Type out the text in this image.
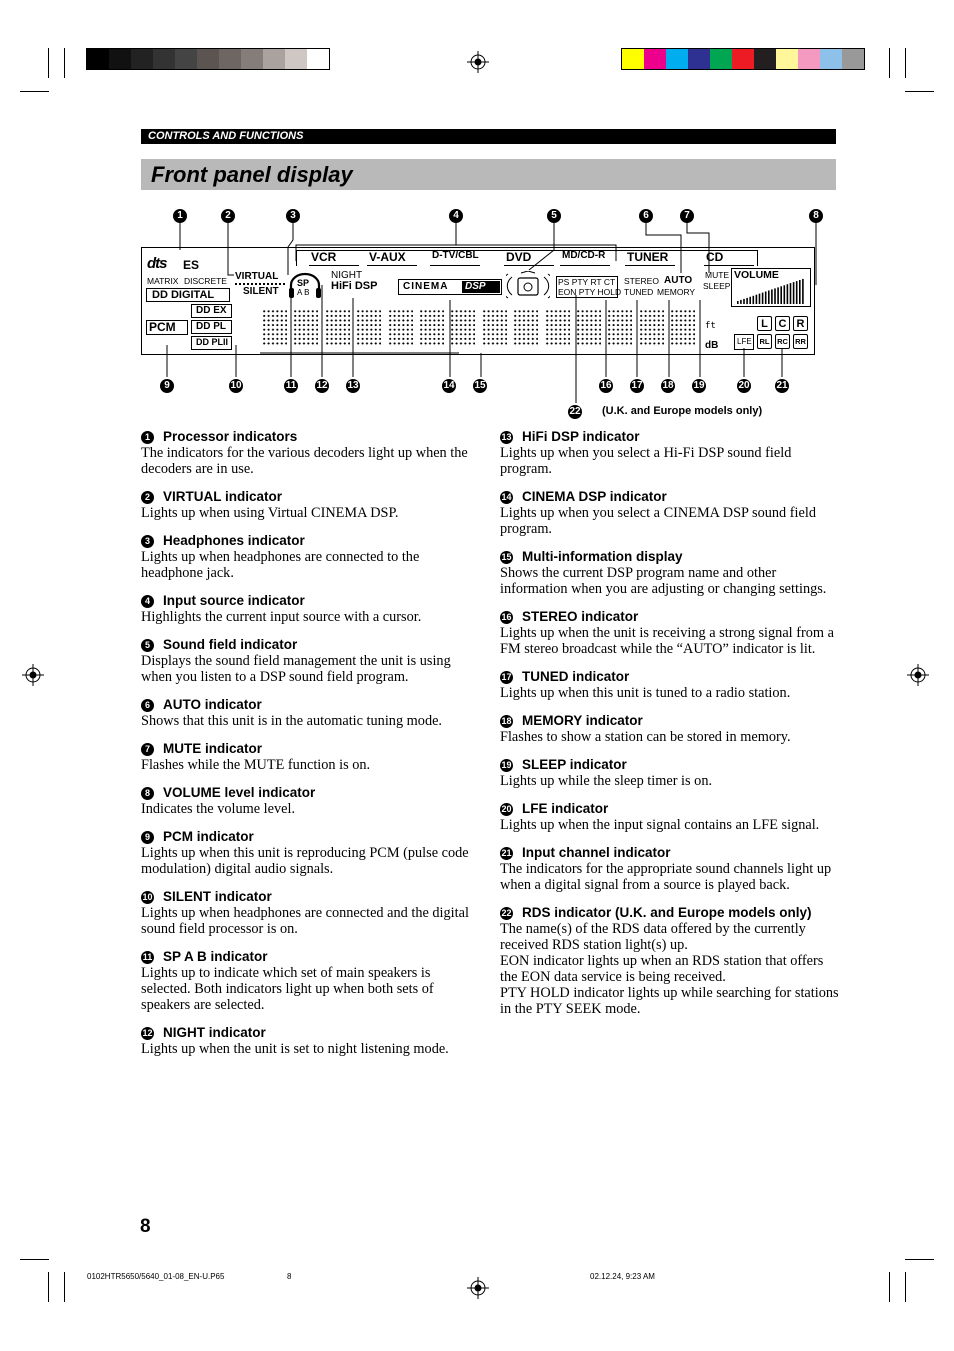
CONTROLS AND FUNCTIONS
Front panel display
1	2	3	4	5	6	7	8
9	10	11 12 13	14 15	16 17 18 19	20	21
22
dts ES
MATRIX DISCRETE
DD DIGITAL
PCM
DD EX
DD PL
DD PLII
VIRTUAL
SILENT
SP
A B
NIGHT
HiFi DSP	CINEMA DSP
VCR	V-AUX	D-TV/CBL DVD	MD/CD-R TUNER	CD
PS PTY RT CT
EON PTY HOLD
STEREO
TUNED
AUTO
MEMORY
MUTE
SLEEP
VOLUME
ft
dB LFE
L C R
RL	RC RR
(U.K. and Europe models only)
1 Processor indicators
The indicators for the various decoders light up when the decoders are in use.
2 VIRTUAL indicator
Lights up when using Virtual CINEMA DSP.
3 Headphones indicator
Lights up when headphones are connected to the headphone jack.
4 Input source indicator
Highlights the current input source with a cursor.
5 Sound field indicator
Displays the sound field management the unit is using when you listen to a DSP sound field program.
6 AUTO indicator
Shows that this unit is in the automatic tuning mode.
7 MUTE indicator
Flashes while the MUTE function is on.
8 VOLUME level indicator
Indicates the volume level.
9 PCM indicator
Lights up when this unit is reproducing PCM (pulse code modulation) digital audio signals.
10 SILENT indicator
Lights up when headphones are connected and the digital sound field processor is on.
11 SP A B indicator
Lights up to indicate which set of main speakers is selected. Both indicators light up when both sets of speakers are selected.
12 NIGHT indicator
Lights up when the unit is set to night listening mode.
13 HiFi DSP indicator
Lights up when you select a Hi-Fi DSP sound field program.
14 CINEMA DSP indicator
Lights up when you select a CINEMA DSP sound field program.
15 Multi-information display
Shows the current DSP program name and other information when you are adjusting or changing settings.
16 STEREO indicator
Lights up when the unit is receiving a strong signal from a FM stereo broadcast while the “AUTO” indicator is lit.
17 TUNED indicator
Lights up when this unit is tuned to a radio station.
18 MEMORY indicator
Flashes to show a station can be stored in memory.
19 SLEEP indicator
Lights up while the sleep timer is on.
20 LFE indicator
Lights up when the input signal contains an LFE signal.
21 Input channel indicator
The indicators for the appropriate sound channels light up when a digital signal from a source is played back.
22 RDS indicator (U.K. and Europe models only)
The name(s) of the RDS data offered by the currently received RDS station light(s) up.
EON indicator lights up when an RDS station that offers the EON data service is being received.
PTY HOLD indicator lights up while searching for stations in the PTY SEEK mode.
8
0102HTR5650/5640_01-08_EN-U.P65	8	02.12.24, 9:23 AM
